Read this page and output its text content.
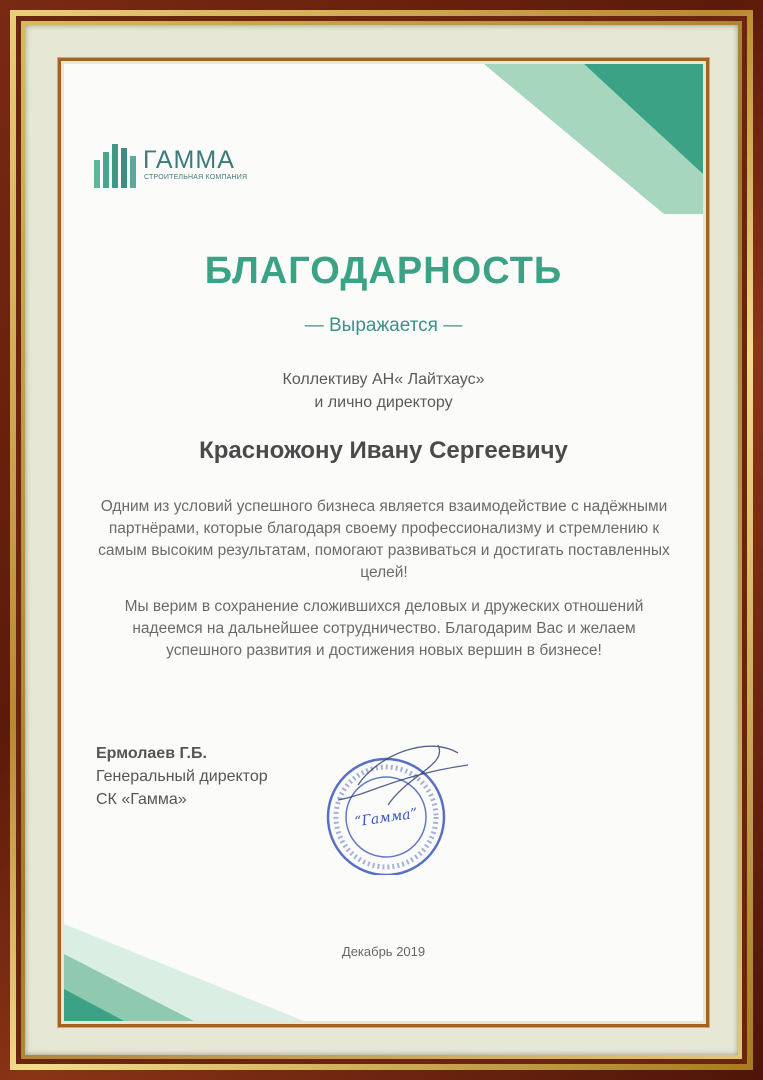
ГАММА
СТРОИТЕЛЬНАЯ КОМПАНИЯ
БЛАГОДАРНОСТЬ
— Выражается —
Коллективу АН« Лайтхаус»
и лично директору
Красножону Ивану Сергеевичу
Одним из условий успешного бизнеса является взаимодействие с надёжными партнёрами, которые благодаря своему профессионализму и стремлению к самым высоким результатам, помогают развиваться и достигать поставленных целей!
Мы верим в сохранение сложившихся деловых и дружеских отношений надеемся на дальнейшее сотрудничество. Благодарим Вас и желаем успешного развития и достижения новых вершин в бизнесе!
Ермолаев Г.Б.
Генеральный директор
СК «Гамма»
“Гамма”
Декабрь 2019
